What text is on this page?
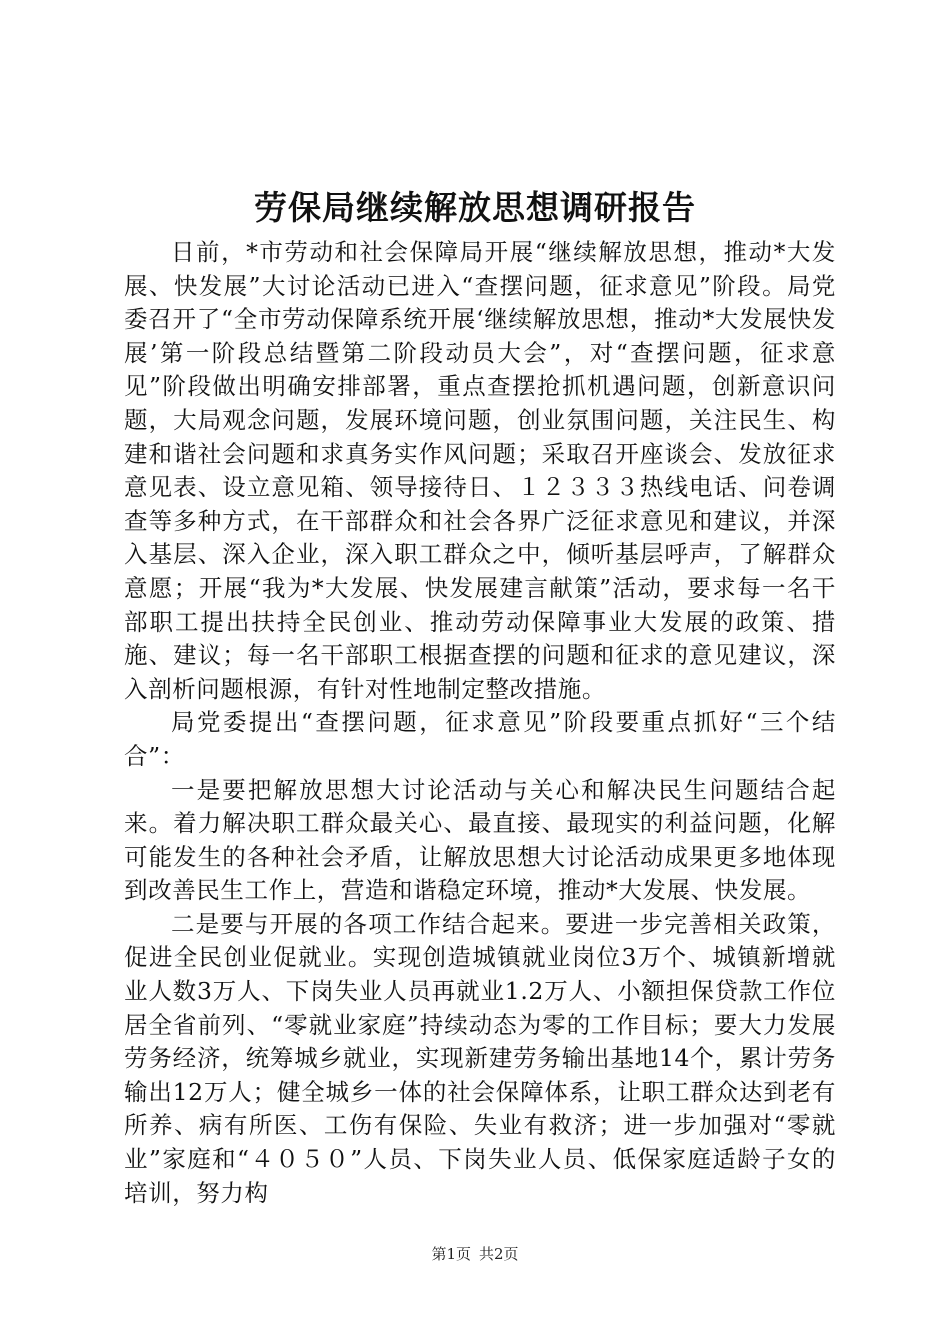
劳保局继续解放思想调研报告

日前，*市劳动和社会保障局开展“继续解放思想，推动*大发展、快发展”大讨论活动已进入“查摆问题，征求意见”阶段。局党委召开了“全市劳动保障系统开展‘继续解放思想，推动*大发展快发展’第一阶段总结暨第二阶段动员大会”，对“查摆问题，征求意见”阶段做出明确安排部署，重点查摆抢抓机遇问题，创新意识问题，大局观念问题，发展环境问题，创业氛围问题，关注民生、构建和谐社会问题和求真务实作风问题；采取召开座谈会、发放征求意见表、设立意见箱、领导接待日、１２３３３热线电话、问卷调查等多种方式，在干部群众和社会各界广泛征求意见和建议，并深入基层、深入企业，深入职工群众之中，倾听基层呼声，了解群众意愿；开展“我为*大发展、快发展建言献策”活动，要求每一名干部职工提出扶持全民创业、推动劳动保障事业大发展的政策、措施、建议；每一名干部职工根据查摆的问题和征求的意见建议，深入剖析问题根源，有针对性地制定整改措施。

局党委提出“查摆问题，征求意见”阶段要重点抓好“三个结合”：

一是要把解放思想大讨论活动与关心和解决民生问题结合起来。着力解决职工群众最关心、最直接、最现实的利益问题，化解可能发生的各种社会矛盾，让解放思想大讨论活动成果更多地体现到改善民生工作上，营造和谐稳定环境，推动*大发展、快发展。

二是要与开展的各项工作结合起来。要进一步完善相关政策，促进全民创业促就业。实现创造城镇就业岗位3万个、城镇新增就业人数3万人、下岗失业人员再就业1.2万人、小额担保贷款工作位居全省前列、“零就业家庭”持续动态为零的工作目标；要大力发展劳务经济，统筹城乡就业，实现新建劳务输出基地14个，累计劳务输出12万人；健全城乡一体的社会保障体系，让职工群众达到老有所养、病有所医、工伤有保险、失业有救济；进一步加强对“零就业”家庭和“４０５０”人员、下岗失业人员、低保家庭适龄子女的培训，努力构

第1页 共2页
